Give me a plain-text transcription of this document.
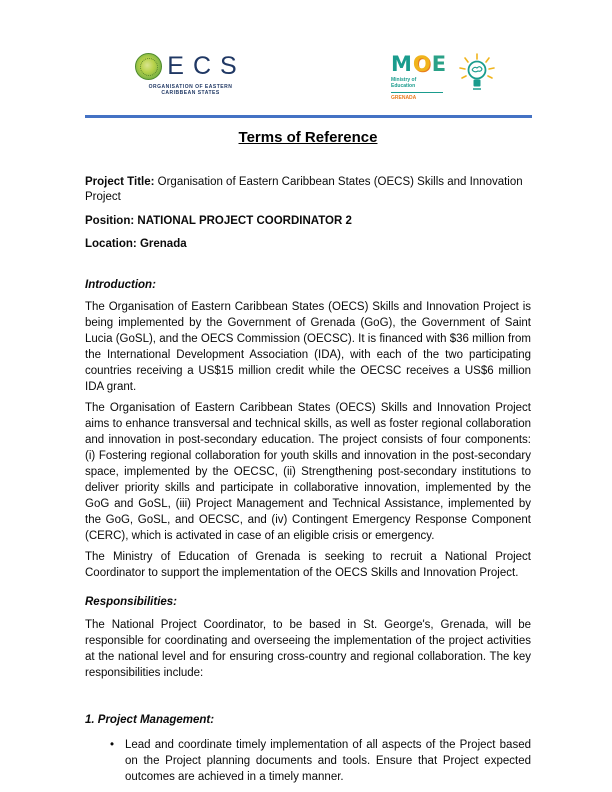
ECS
ORGANISATION OF EASTERN
CARIBBEAN STATES
MOE
Ministry of
Education
GRENADA
Terms of Reference
Project Title: Organisation of Eastern Caribbean States (OECS) Skills and Innovation Project
Position: NATIONAL PROJECT COORDINATOR 2
Location: Grenada
Introduction:

The Organisation of Eastern Caribbean States (OECS) Skills and Innovation Project is being implemented by the Government of Grenada (GoG), the Government of Saint Lucia (GoSL), and the OECS Commission (OECSC). It is financed with $36 million from the International Development Association (IDA), with each of the two participating countries receiving a US$15 million credit while the OECSC receives a US$6 million IDA grant.

The Organisation of Eastern Caribbean States (OECS) Skills and Innovation Project aims to enhance transversal and technical skills, as well as foster regional collaboration and innovation in post-secondary education. The project consists of four components: (i) Fostering regional collaboration for youth skills and innovation in the post-secondary space, implemented by the OECSC, (ii) Strengthening post-secondary institutions to deliver priority skills and participate in collaborative innovation, implemented by the GoG and GoSL, (iii) Project Management and Technical Assistance, implemented by the GoG, GoSL, and OECSC, and (iv) Contingent Emergency Response Component (CERC), which is activated in case of an eligible crisis or emergency.

The Ministry of Education of Grenada is seeking to recruit a National Project Coordinator to support the implementation of the OECS Skills and Innovation Project.

Responsibilities:

The National Project Coordinator, to be based in St. George's, Grenada, will be responsible for coordinating and overseeing the implementation of the project activities at the national level and for ensuring cross-country and regional collaboration. The key responsibilities include:

1. Project Management:
• Lead and coordinate timely implementation of all aspects of the Project based on the Project planning documents and tools. Ensure that Project expected outcomes are achieved in a timely manner.
